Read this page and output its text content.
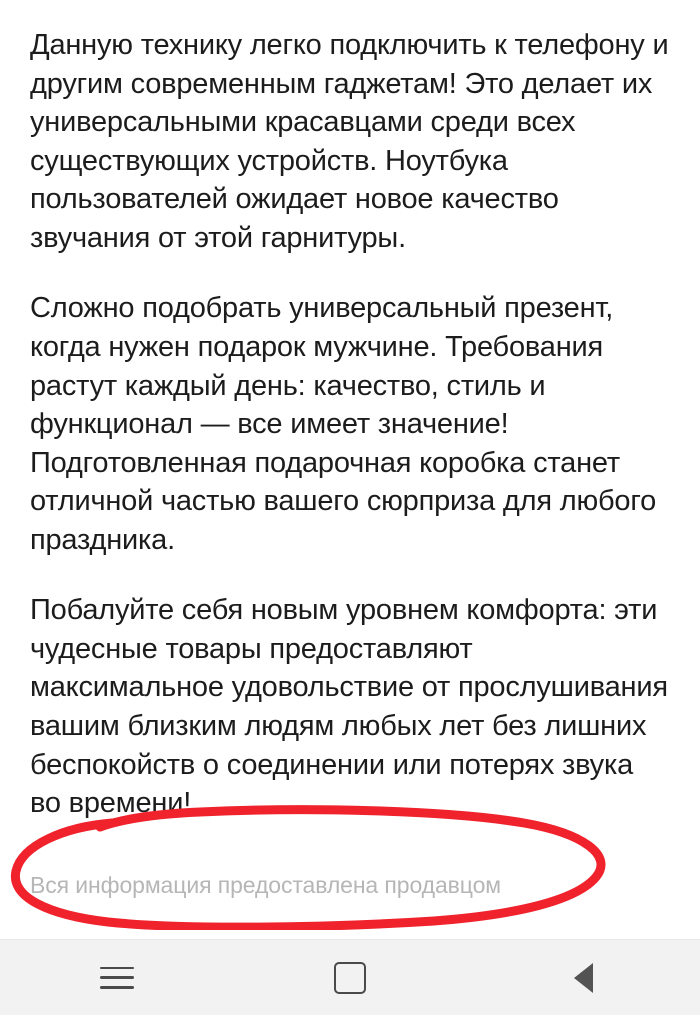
Данную технику легко подключить к телефону и другим современным гаджетам! Это делает их универсальными красавцами среди всех существующих устройств. Ноутбука пользователей ожидает новое качество звучания от этой гарнитуры.

Сложно подобрать универсальный презент, когда нужен подарок мужчине. Требования растут каждый день: качество, стиль и функционал — все имеет значение! Подготовленная подарочная коробка станет отличной частью вашего сюрприза для любого праздника.

Побалуйте себя новым уровнем комфорта: эти чудесные товары предоставляют максимальное удовольствие от прослушивания вашим близким людям любых лет без лишних беспокойств о соединении или потерях звука во времени!

Вся информация предоставлена продавцом
